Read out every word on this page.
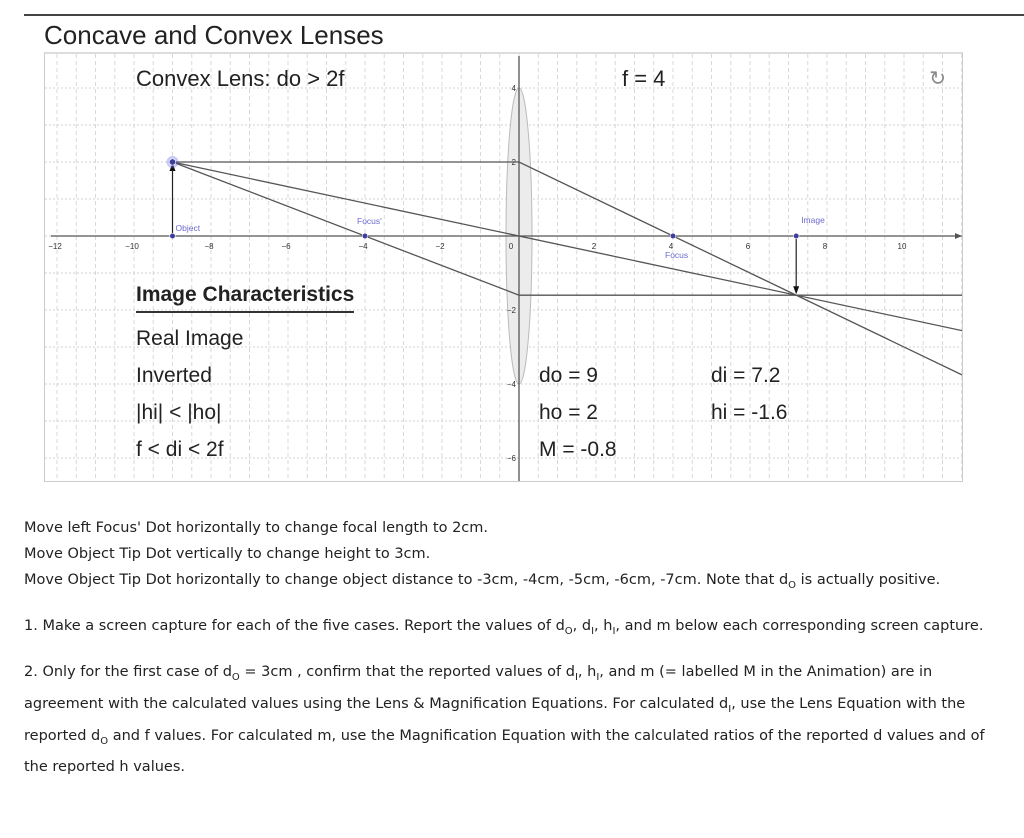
Concave and Convex Lenses
−12	−10	−8	−6	−4	−2	0	2	4	6	8	10
4
2
−2
−4
−6
Object
Focus'
Focus
Image
Convex Lens: do > 2f	f = 4	↻
Image Characteristics
Real Image
Inverted
|hi| < |ho|
f < di < 2f
do = 9	di = 7.2
ho = 2	hi = -1.6
M = -0.8

Move left Focus' Dot horizontally to change focal length to 2cm.

Move Object Tip Dot vertically to change height to 3cm.

Move Object Tip Dot horizontally to change object distance to -3cm, -4cm, -5cm, -6cm, -7cm. Note that $d_O$ is actually positive.

1. Make a screen capture for each of the five cases. Report the values of $d_O$, $d_I$, $h_I$, and m below each corresponding screen capture.

2. Only for the first case of $d_O = 3cm$ , confirm that the reported values of $d_I$, $h_I$, and m (= labelled M in the Animation) are in agreement with the calculated values using the Lens & Magnification Equations. For calculated $d_I$, use the Lens Equation with the reported $d_O$ and f values. For calculated m, use the Magnification Equation with the calculated ratios of the reported d values and of the reported h values.
